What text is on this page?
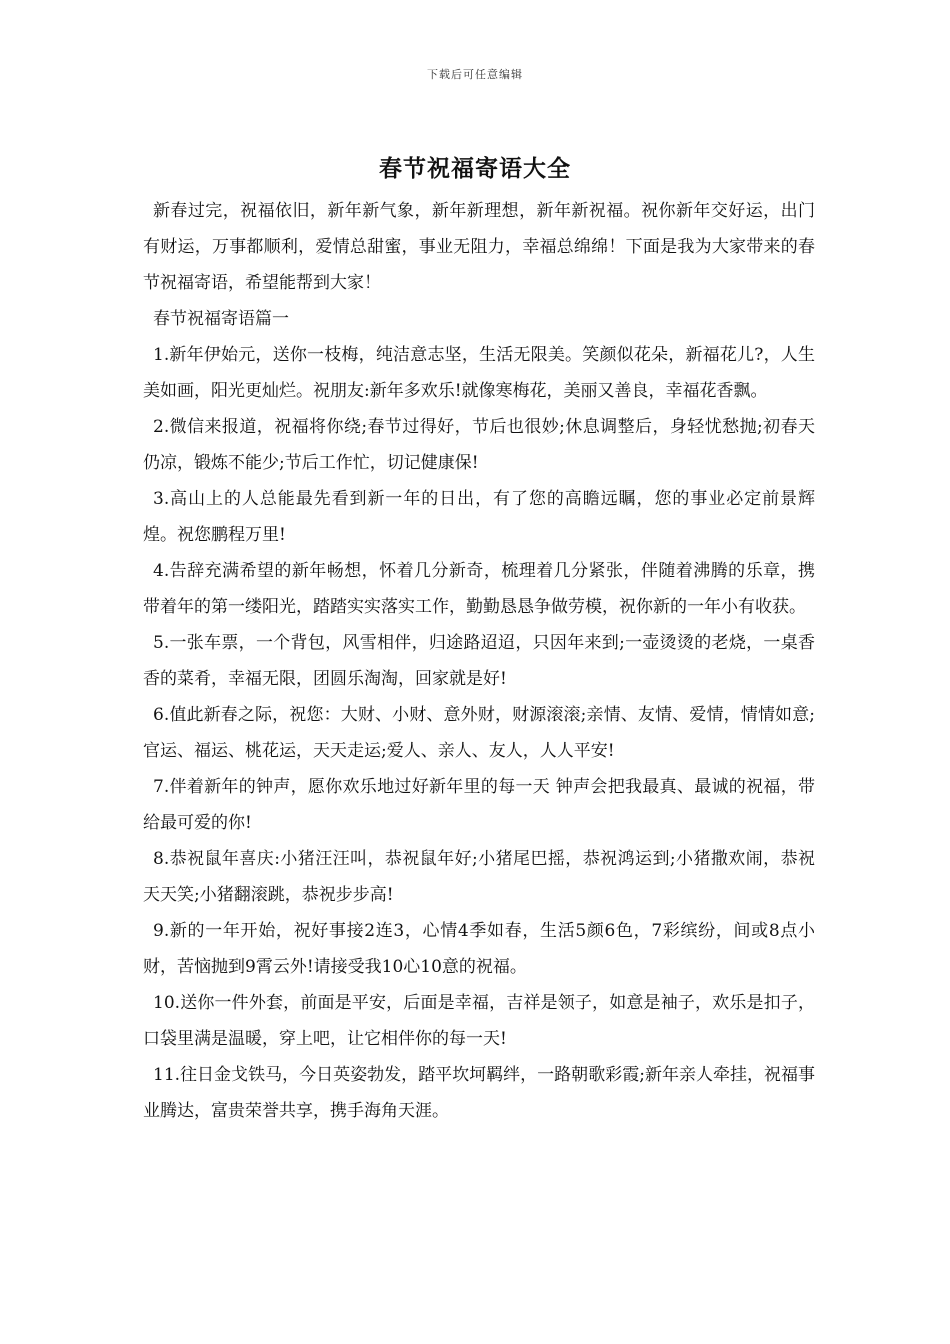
下载后可任意编辑
春节祝福寄语大全

新春过完，祝福依旧，新年新气象，新年新理想，新年新祝福。祝你新年交好运，出门有财运，万事都顺利，爱情总甜蜜，事业无阻力，幸福总绵绵！下面是我为大家带来的春节祝福寄语，希望能帮到大家！

春节祝福寄语篇一

1.新年伊始元，送你一枝梅，纯洁意志坚，生活无限美。笑颜似花朵，新福花儿?，人生美如画，阳光更灿烂。祝朋友:新年多欢乐!就像寒梅花，美丽又善良，幸福花香飘。

2.微信来报道，祝福将你绕;春节过得好，节后也很妙;休息调整后，身轻忧愁抛;初春天仍凉，锻炼不能少;节后工作忙，切记健康保!

3.高山上的人总能最先看到新一年的日出，有了您的高瞻远瞩，您的事业必定前景辉煌。祝您鹏程万里!

4.告辞充满希望的新年畅想，怀着几分新奇，梳理着几分紧张，伴随着沸腾的乐章，携带着年的第一缕阳光，踏踏实实落实工作，勤勤恳恳争做劳模，祝你新的一年小有收获。

5.一张车票，一个背包，风雪相伴，归途路迢迢，只因年来到;一壶烫烫的老烧，一桌香香的菜肴，幸福无限，团圆乐淘淘，回家就是好!

6.值此新春之际，祝您：大财、小财、意外财，财源滚滚;亲情、友情、爱情，情情如意;官运、福运、桃花运，天天走运;爱人、亲人、友人，人人平安!

7.伴着新年的钟声，愿你欢乐地过好新年里的每一天 钟声会把我最真、最诚的祝福，带给最可爱的你!

8.恭祝鼠年喜庆:小猪汪汪叫，恭祝鼠年好;小猪尾巴摇，恭祝鸿运到;小猪撒欢闹，恭祝天天笑;小猪翻滚跳，恭祝步步高!

9.新的一年开始，祝好事接2连3，心情4季如春，生活5颜6色，7彩缤纷，间或8点小财，苦恼抛到9霄云外!请接受我10心10意的祝福。

10.送你一件外套，前面是平安，后面是幸福，吉祥是领子，如意是袖子，欢乐是扣子，口袋里满是温暖，穿上吧，让它相伴你的每一天!

11.往日金戈铁马，今日英姿勃发，踏平坎坷羁绊，一路朝歌彩霞;新年亲人牵挂，祝福事业腾达，富贵荣誉共享，携手海角天涯。
